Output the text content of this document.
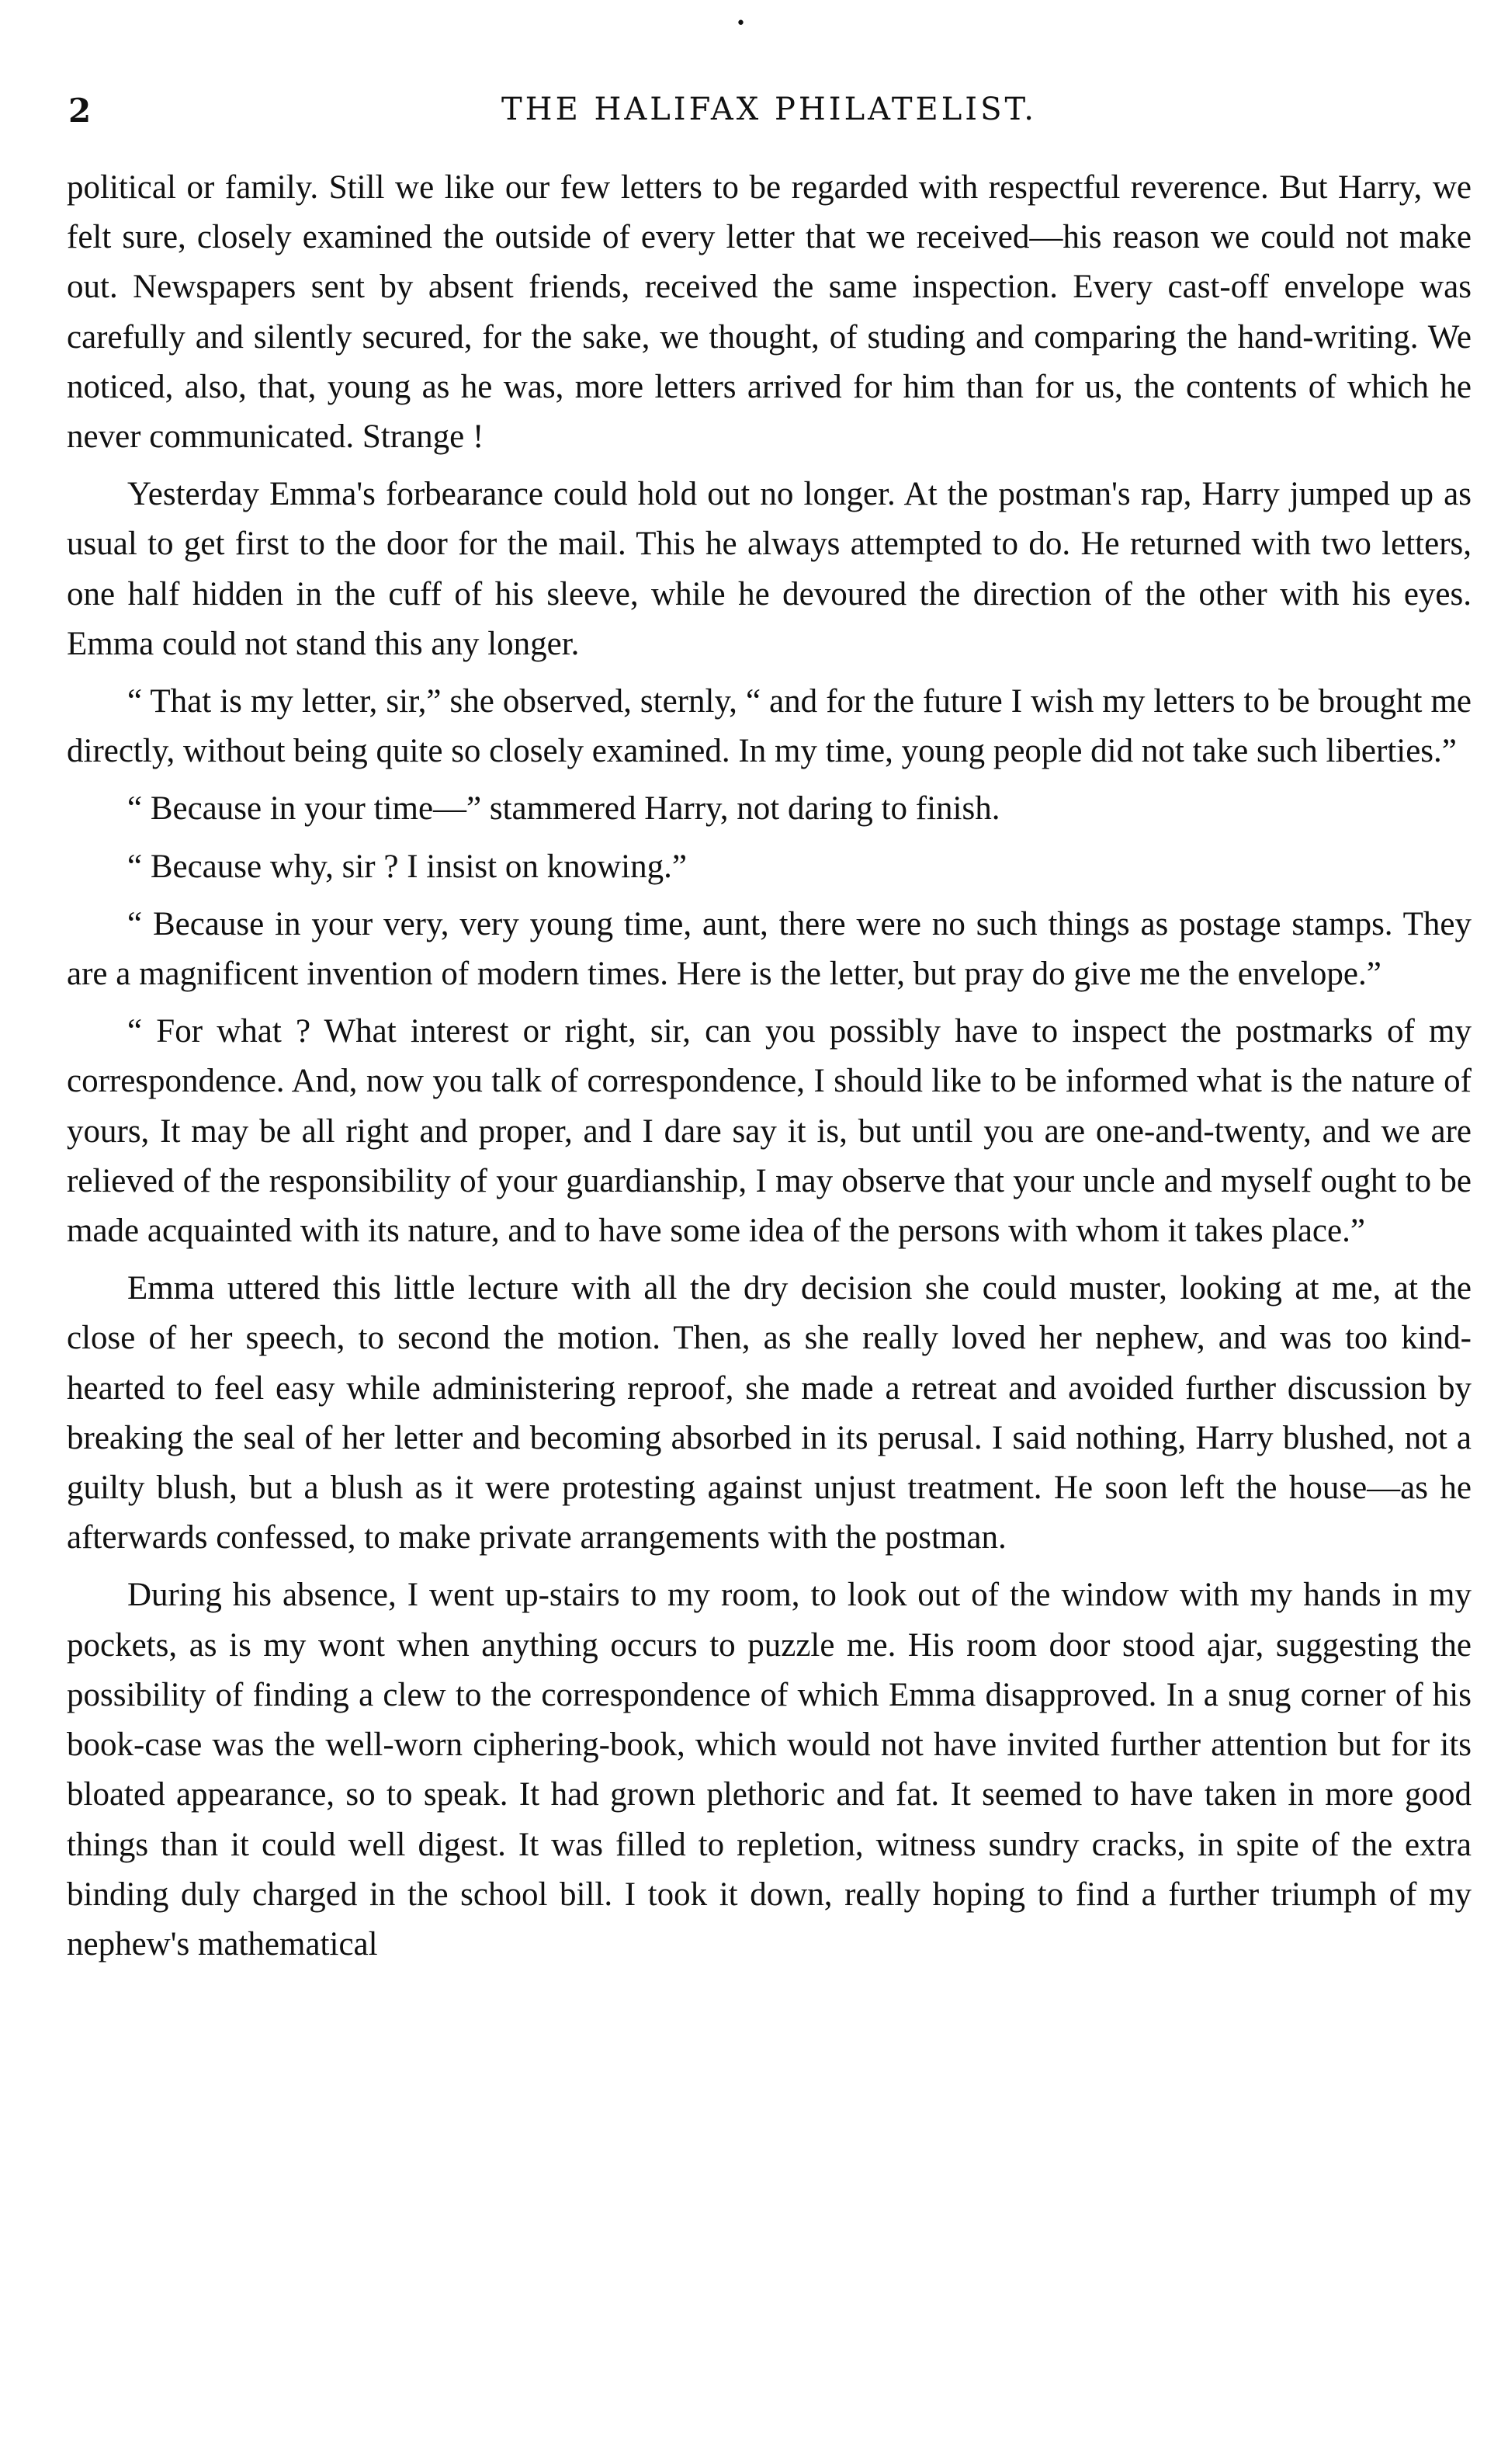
•
2	THE HALIFAX PHILATELIST.

political or family. Still we like our few letters to be regarded with respectful reverence. But Harry, we felt sure, closely examined the outside of every letter that we received—his reason we could not make out. Newspapers sent by absent friends, received the same inspection. Every cast-off envelope was carefully and silently secured, for the sake, we thought, of studing and comparing the hand-writing. We noticed, also, that, young as he was, more letters arrived for him than for us, the contents of which he never communicated. Strange !

Yesterday Emma's forbearance could hold out no longer. At the postman's rap, Harry jumped up as usual to get first to the door for the mail. This he always attempted to do. He returned with two letters, one half hidden in the cuff of his sleeve, while he devoured the direction of the other with his eyes. Emma could not stand this any longer.

“ That is my letter, sir,” she observed, sternly, “ and for the future I wish my letters to be brought me directly, without being quite so closely examined. In my time, young people did not take such liberties.”

“ Because in your time—” stammered Harry, not daring to finish.

“ Because why, sir ? I insist on knowing.”

“ Because in your very, very young time, aunt, there were no such things as postage stamps. They are a magnificent invention of modern times. Here is the letter, but pray do give me the envelope.”

“ For what ? What interest or right, sir, can you possibly have to inspect the postmarks of my correspondence. And, now you talk of correspondence, I should like to be informed what is the nature of yours, It may be all right and proper, and I dare say it is, but until you are one-and-twenty, and we are relieved of the responsibility of your guardianship, I may observe that your uncle and myself ought to be made acquainted with its nature, and to have some idea of the persons with whom it takes place.”

Emma uttered this little lecture with all the dry decision she could muster, looking at me, at the close of her speech, to second the motion. Then, as she really loved her nephew, and was too kind-hearted to feel easy while administering reproof, she made a retreat and avoided further discussion by breaking the seal of her letter and becoming absorbed in its perusal. I said nothing, Harry blushed, not a guilty blush, but a blush as it were protesting against unjust treatment. He soon left the house—as he afterwards confessed, to make private arrangements with the postman.

During his absence, I went up-stairs to my room, to look out of the window with my hands in my pockets, as is my wont when anything occurs to puzzle me. His room door stood ajar, suggesting the possibility of finding a clew to the correspondence of which Emma disapproved. In a snug corner of his book-case was the well-worn ciphering-book, which would not have invited further attention but for its bloated appearance, so to speak. It had grown plethoric and fat. It seemed to have taken in more good things than it could well digest. It was filled to repletion, witness sundry cracks, in spite of the extra binding duly charged in the school bill. I took it down, really hoping to find a further triumph of my nephew's mathematical
